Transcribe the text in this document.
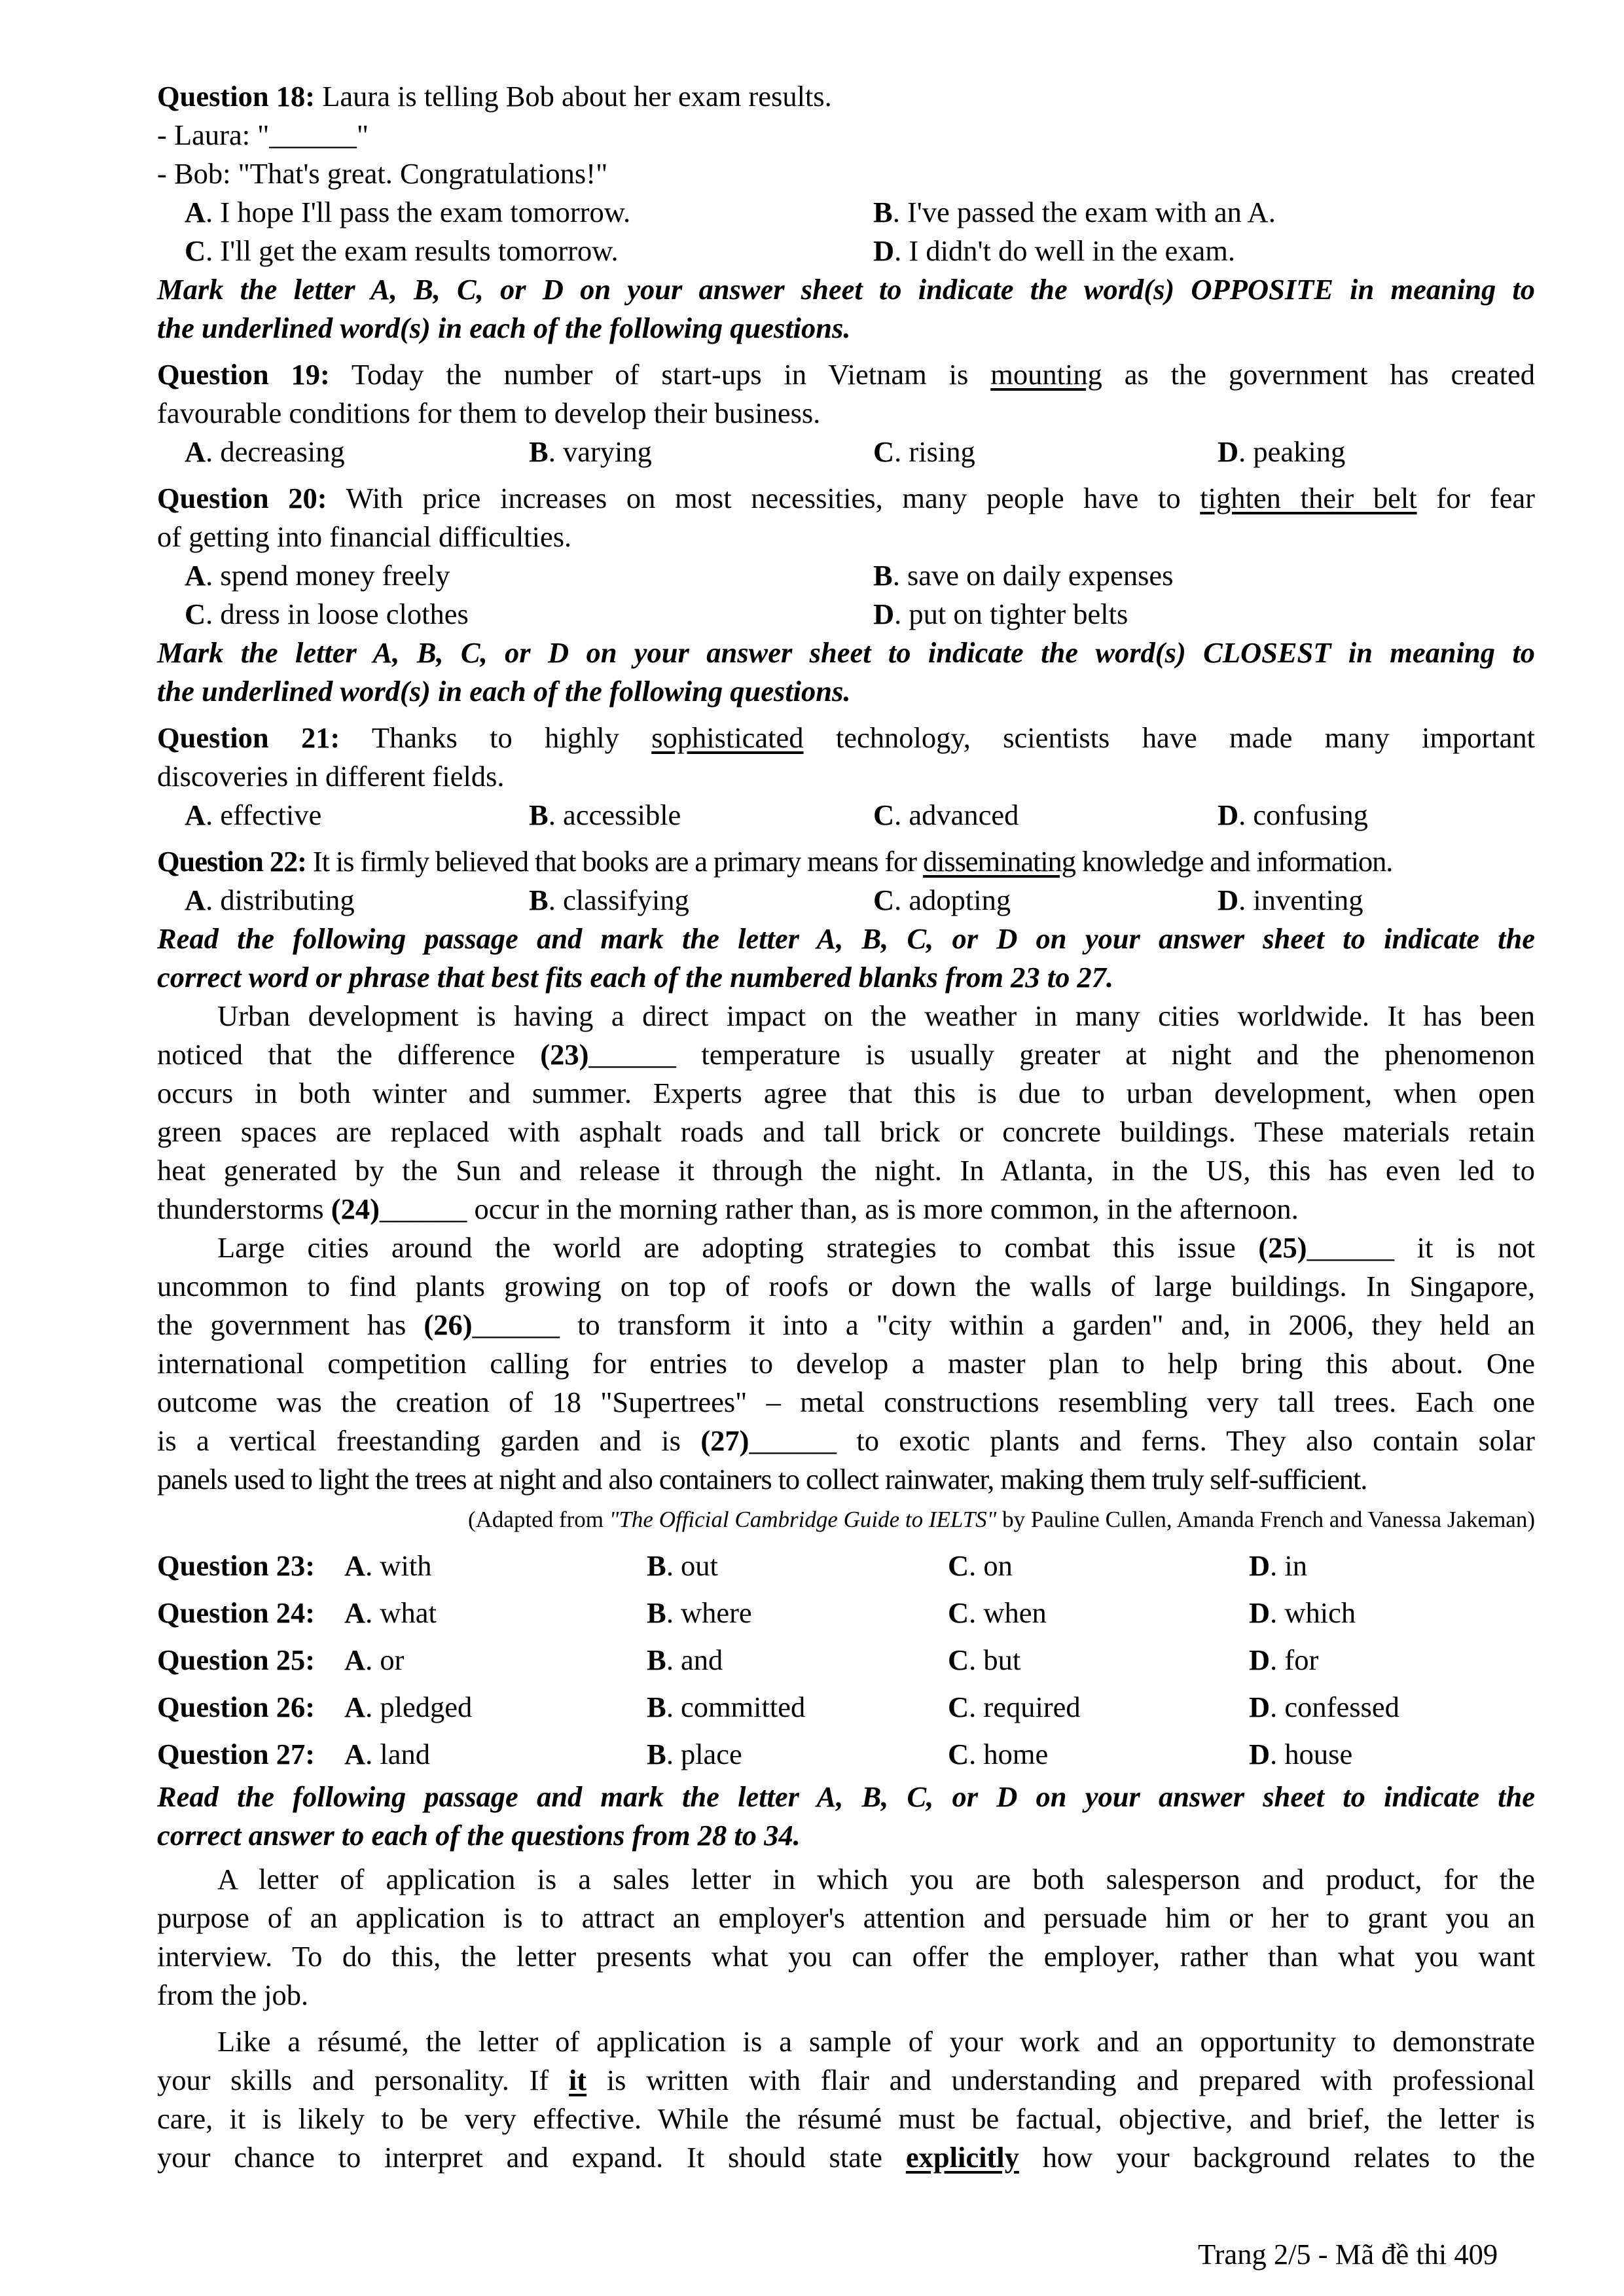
Question 18: Laura is telling Bob about her exam results.

- Laura: "______"

- Bob: "That's great. Congratulations!"

A. I hope I'll pass the exam tomorrow.	B. I've passed the exam with an A.
C. I'll get the exam results tomorrow.	D. I didn't do well in the exam.

Mark the letter A, B, C, or D on your answer sheet to indicate the word(s) OPPOSITE in meaning to

the underlined word(s) in each of the following questions.

Question 19: Today the number of start-ups in Vietnam is mounting as the government has created

favourable conditions for them to develop their business.

A. decreasing	B. varying	C. rising	D. peaking

Question 20: With price increases on most necessities, many people have to tighten their belt for fear

of getting into financial difficulties.

A. spend money freely	B. save on daily expenses
C. dress in loose clothes	D. put on tighter belts

Mark the letter A, B, C, or D on your answer sheet to indicate the word(s) CLOSEST in meaning to

the underlined word(s) in each of the following questions.

Question 21: Thanks to highly sophisticated technology, scientists have made many important

discoveries in different fields.

A. effective	B. accessible	C. advanced	D. confusing

Question 22: It is firmly believed that books are a primary means for disseminating knowledge and information.

A. distributing	B. classifying	C. adopting	D. inventing

Read the following passage and mark the letter A, B, C, or D on your answer sheet to indicate the

correct word or phrase that best fits each of the numbered blanks from 23 to 27.

Urban development is having a direct impact on the weather in many cities worldwide. It has been

noticed that the difference (23)______ temperature is usually greater at night and the phenomenon

occurs in both winter and summer. Experts agree that this is due to urban development, when open

green spaces are replaced with asphalt roads and tall brick or concrete buildings. These materials retain

heat generated by the Sun and release it through the night. In Atlanta, in the US, this has even led to

thunderstorms (24)______ occur in the morning rather than, as is more common, in the afternoon.

Large cities around the world are adopting strategies to combat this issue (25)______ it is not

uncommon to find plants growing on top of roofs or down the walls of large buildings. In Singapore,

the government has (26)______ to transform it into a "city within a garden" and, in 2006, they held an

international competition calling for entries to develop a master plan to help bring this about. One

outcome was the creation of 18 "Supertrees" – metal constructions resembling very tall trees. Each one

is a vertical freestanding garden and is (27)______ to exotic plants and ferns. They also contain solar

panels used to light the trees at night and also containers to collect rainwater, making them truly self-sufficient.

(Adapted from "The Official Cambridge Guide to IELTS" by Pauline Cullen, Amanda French and Vanessa Jakeman)

Question 23:	A. with	B. out	C. on	D. in
Question 24:	A. what	B. where	C. when	D. which
Question 25:	A. or	B. and	C. but	D. for
Question 26:	A. pledged	B. committed	C. required	D. confessed
Question 27:	A. land	B. place	C. home	D. house

Read the following passage and mark the letter A, B, C, or D on your answer sheet to indicate the

correct answer to each of the questions from 28 to 34.

A letter of application is a sales letter in which you are both salesperson and product, for the

purpose of an application is to attract an employer's attention and persuade him or her to grant you an

interview. To do this, the letter presents what you can offer the employer, rather than what you want

from the job.

Like a résumé, the letter of application is a sample of your work and an opportunity to demonstrate

your skills and personality. If it is written with flair and understanding and prepared with professional

care, it is likely to be very effective. While the résumé must be factual, objective, and brief, the letter is

your chance to interpret and expand. It should state explicitly how your background relates to the

Trang 2/5 - Mã đề thi 409
